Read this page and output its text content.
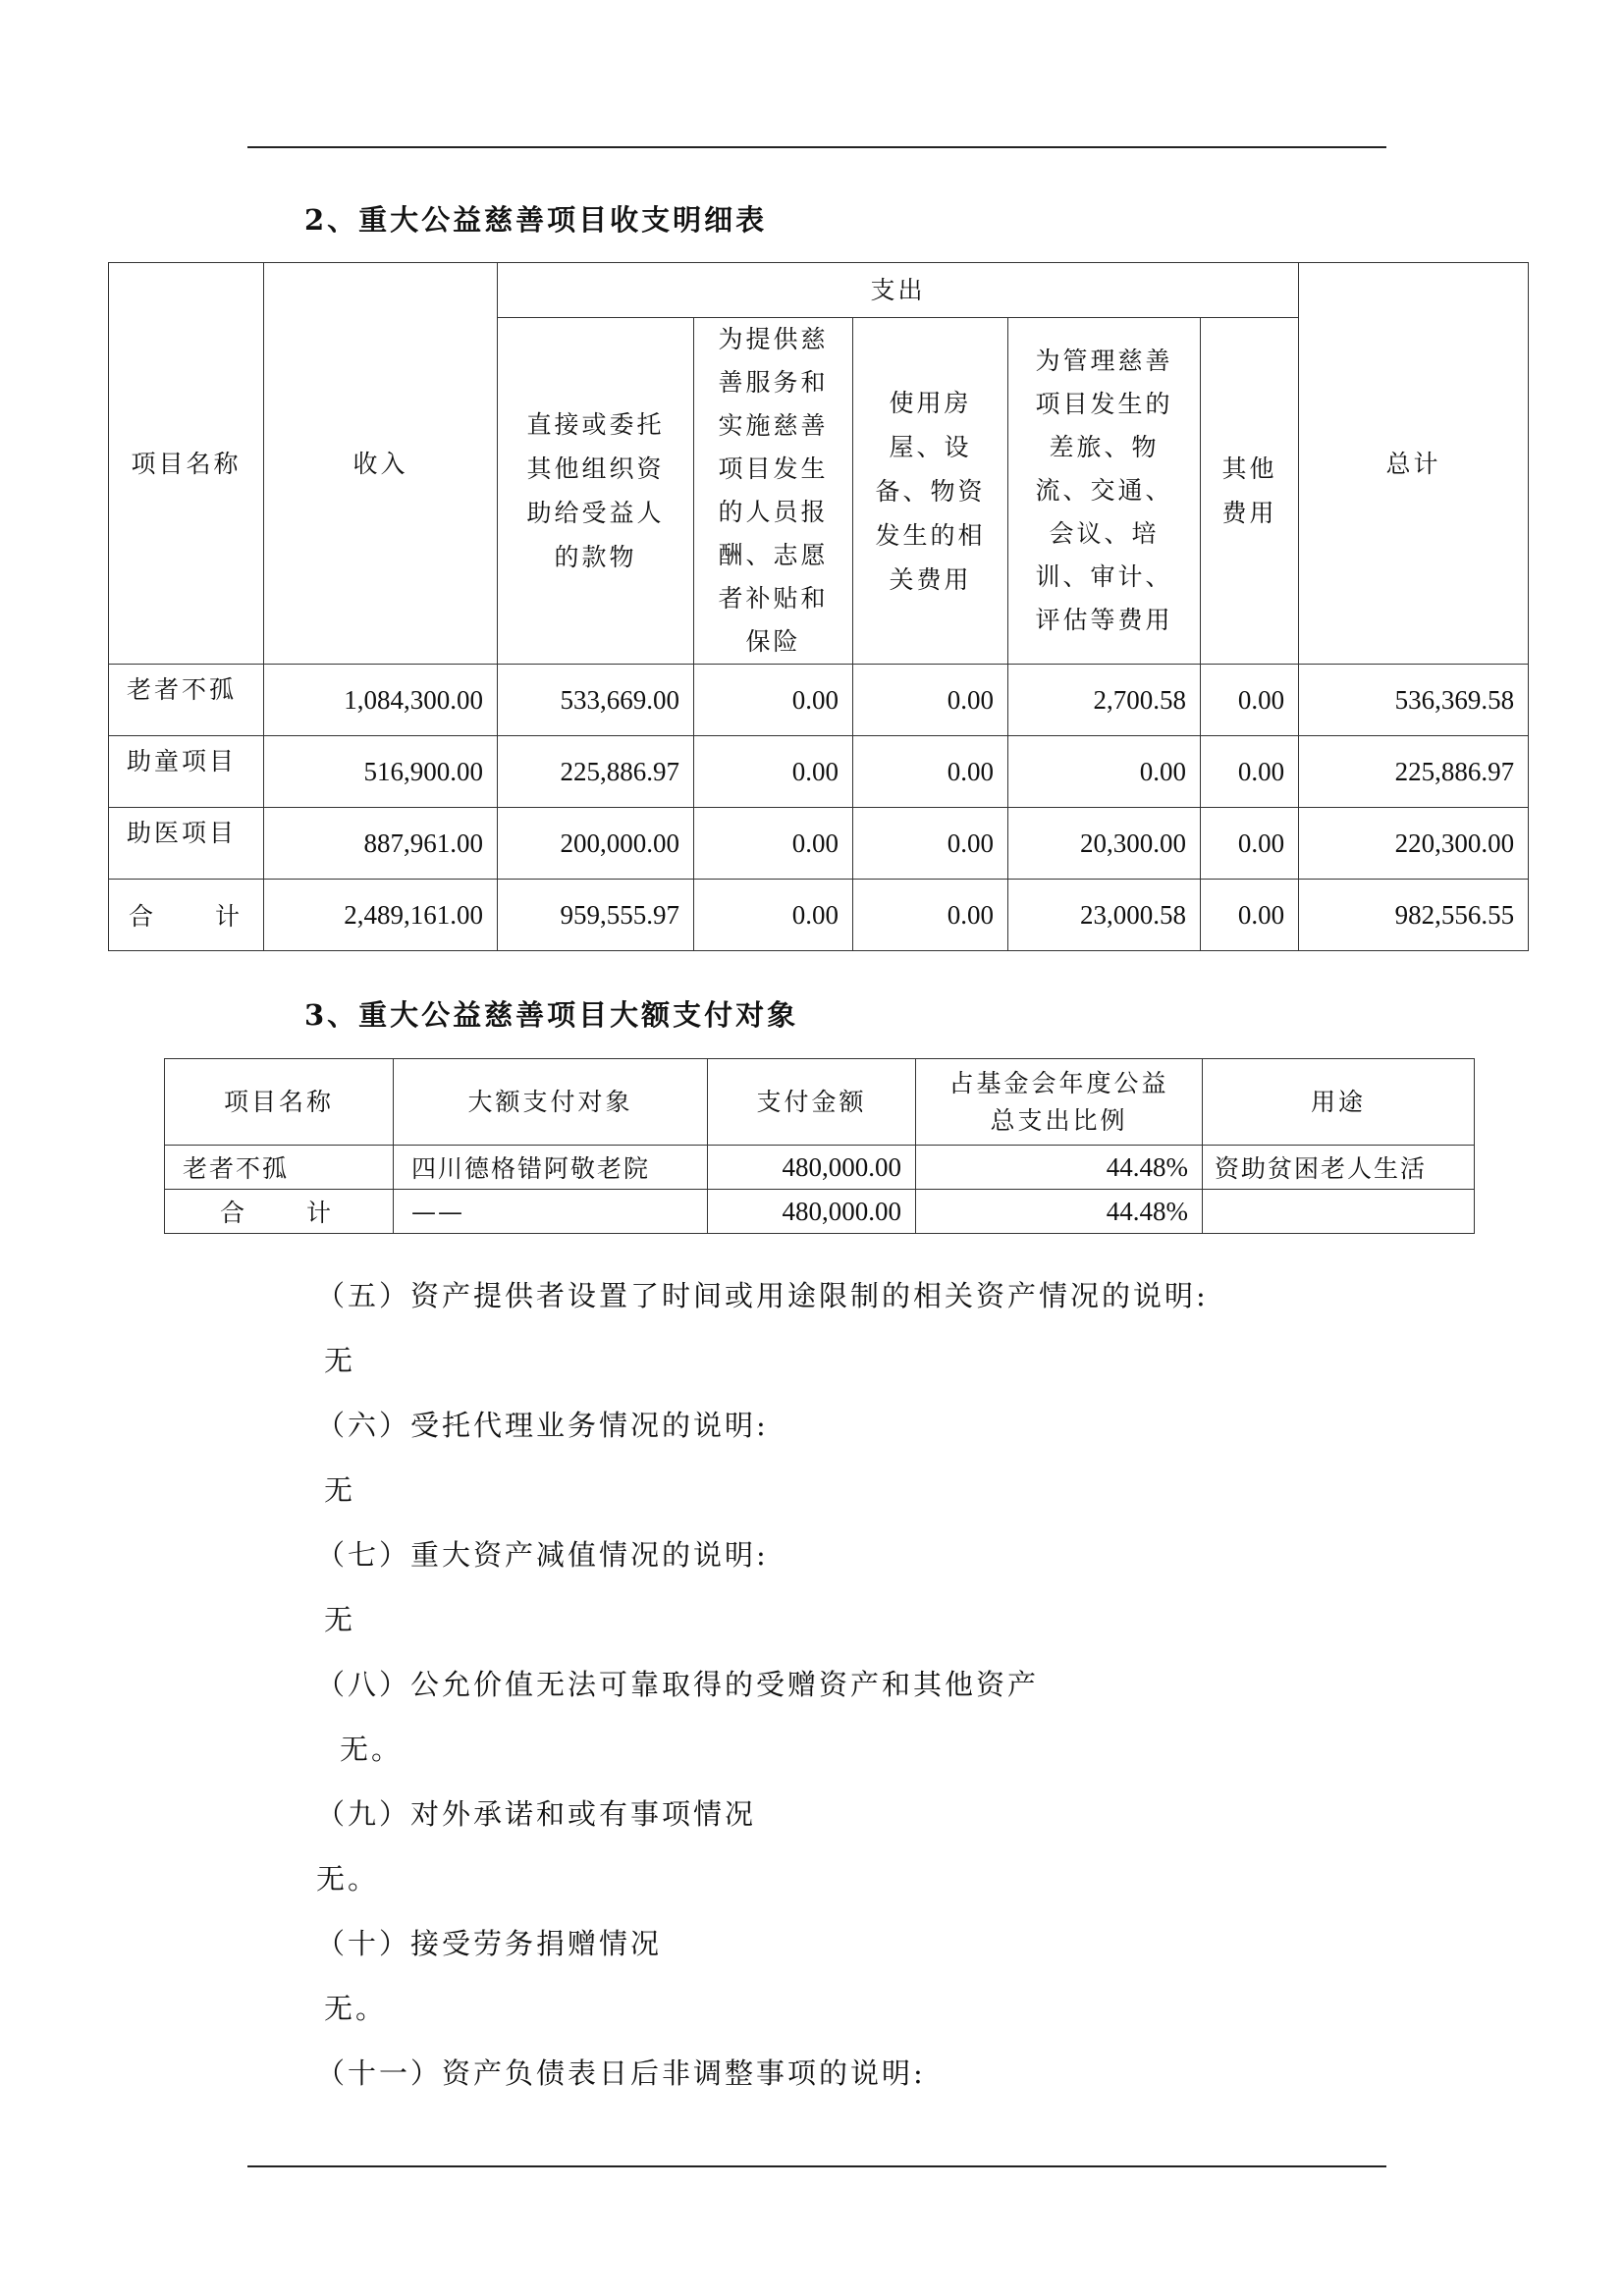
2、重大公益慈善项目收支明细表
项目名称	收入	支出					总计
		直接或委托其他组织资助给受益人的款物	为提供慈善服务和实施慈善项目发生的人员报酬、志愿者补贴和保险	使用房屋、设备、物资发生的相关费用	为管理慈善项目发生的差旅、物流、交通、会议、培训、审计、评估等费用	其他费用	
老者不孤	1,084,300.00	533,669.00	0.00	0.00	2,700.58	0.00	536,369.58
助童项目	516,900.00	225,886.97	0.00	0.00	0.00	0.00	225,886.97
助医项目	887,961.00	200,000.00	0.00	0.00	20,300.00	0.00	220,300.00
合 计	2,489,161.00	959,555.97	0.00	0.00	23,000.58	0.00	982,556.55
3、重大公益慈善项目大额支付对象
项目名称	大额支付对象	支付金额	占基金会年度公益总支出比例	用途
老者不孤	四川德格错阿敬老院	480,000.00	44.48%	资助贫困老人生活
合 计	——	480,000.00	44.48%	
（五）资产提供者设置了时间或用途限制的相关资产情况的说明:
无
（六）受托代理业务情况的说明:
无
（七）重大资产减值情况的说明:
无
（八）公允价值无法可靠取得的受赠资产和其他资产
无。
（九）对外承诺和或有事项情况
无。
（十）接受劳务捐赠情况
无。
（十一）资产负债表日后非调整事项的说明:
